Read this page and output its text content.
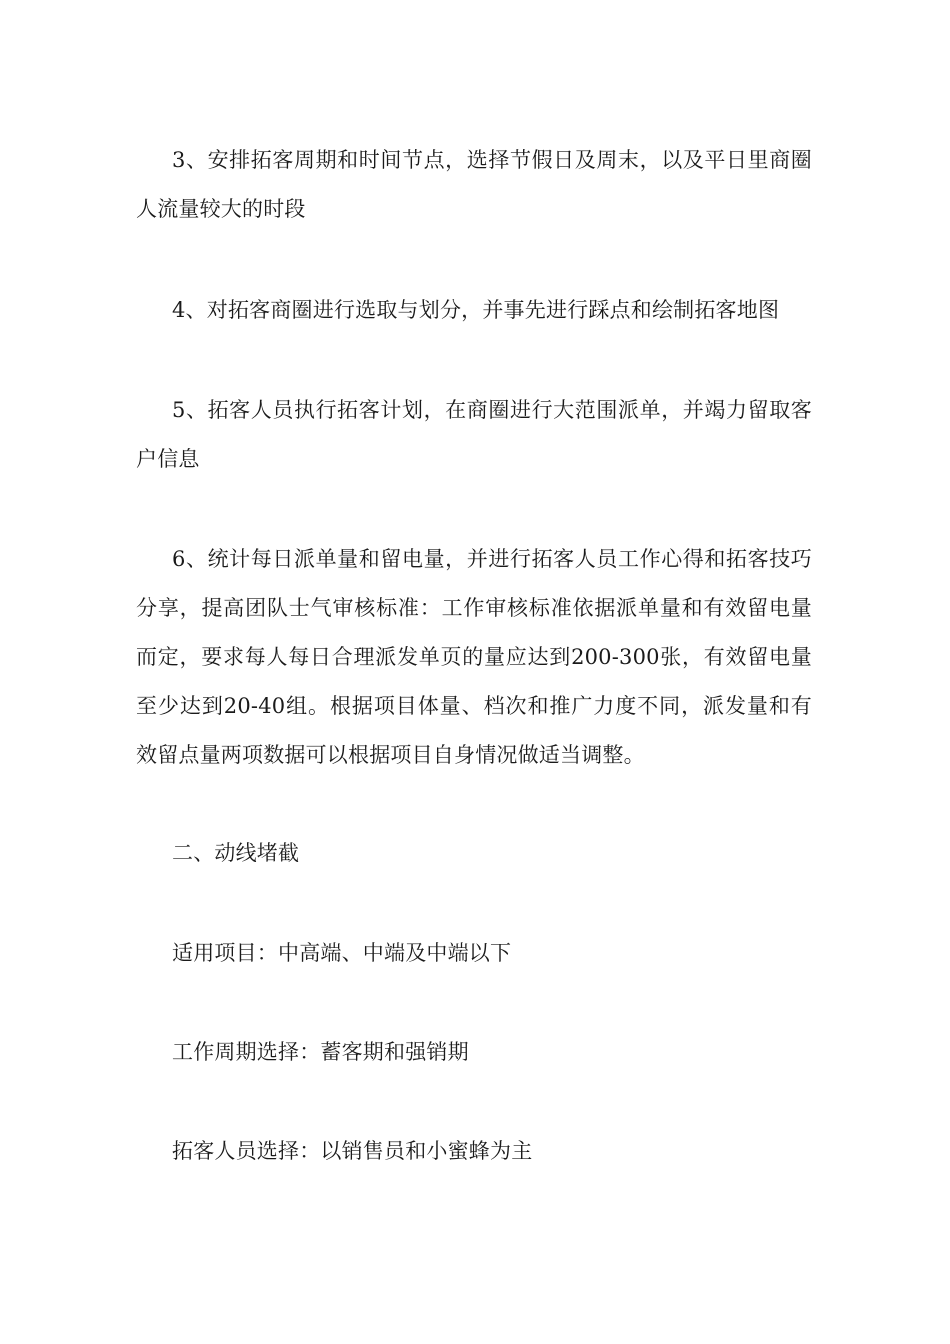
3、安排拓客周期和时间节点，选择节假日及周末，以及平日里商圈人流量较大的时段

4、对拓客商圈进行选取与划分，并事先进行踩点和绘制拓客地图

5、拓客人员执行拓客计划，在商圈进行大范围派单，并竭力留取客户信息

6、统计每日派单量和留电量，并进行拓客人员工作心得和拓客技巧分享，提高团队士气审核标准：工作审核标准依据派单量和有效留电量而定，要求每人每日合理派发单页的量应达到200-300张，有效留电量至少达到20-40组。根据项目体量、档次和推广力度不同，派发量和有效留点量两项数据可以根据项目自身情况做适当调整。

二、动线堵截

适用项目：中高端、中端及中端以下

工作周期选择：蓄客期和强销期

拓客人员选择：以销售员和小蜜蜂为主
